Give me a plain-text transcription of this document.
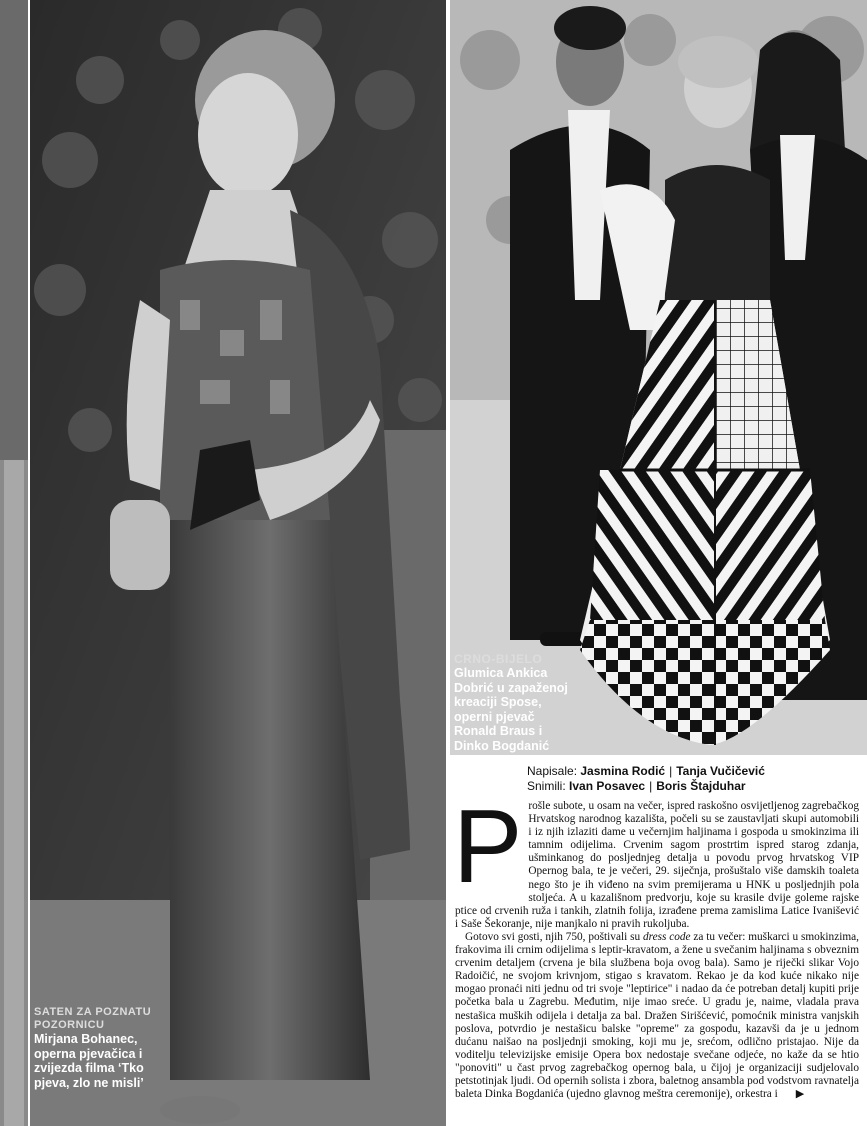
SATEN ZA POZNATU POZORNICU
Mirjana Bohanec, operna pjevačica i zvijezda filma ‘Tko pjeva, zlo ne misli’
CRNO-BIJELO
Glumica Ankica Dobrić u zapaženoj kreaciji Spose, operni pjevač Ronald Braus i Dinko Bogdanić
Napisale: Jasmina Rodić | Tanja Vučičević
Snimili: Ivan Posavec | Boris Štajduhar

Prošle subote, u osam na večer, ispred raskošno osvijetljenog zagrebačkog Hrvatskog narodnog kazališta, počeli su se zaustavljati skupi automobili i iz njih izlaziti dame u večernjim haljinama i gospoda u smokinzima ili tamnim odijelima. Crvenim sagom prostrtim ispred starog zdanja, ušminkanog do posljednjeg detalja u povodu prvog hrvatskog VIP Opernog bala, te je večeri, 29. siječnja, prošuštalo više damskih toaleta nego što je ih viđeno na svim premijerama u HNK u posljednjih pola stoljeća. A u kazališnom predvorju, koje su krasile dvije goleme rajske ptice od crvenih ruža i tankih, zlatnih folija, izrađene prema zamislima Latice Ivanišević i Saše Šekoranje, nije manjkalo ni pravih rukoljuba.

Gotovo svi gosti, njih 750, poštivali su dress code za tu večer: muškarci u smokinzima, frakovima ili crnim odijelima s leptir-kravatom, a žene u svečanim haljinama s obveznim crvenim detaljem (crvena je bila službena boja ovog bala). Samo je riječki slikar Vojo Radoičić, ne svojom krivnjom, stigao s kravatom. Rekao je da kod kuće nikako nije mogao pronaći niti jednu od tri svoje "leptirice" i nadao da će potreban detalj kupiti prije početka bala u Zagrebu. Međutim, nije imao sreće. U gradu je, naime, vladala prava nestašica muških odijela i detalja za bal. Dražen Sirišćević, pomoćnik ministra vanjskih poslova, potvrdio je nestašicu balske "opreme" za gospodu, kazavši da je u jednom dućanu naišao na posljednji smoking, koji mu je, srećom, odlično pristajao. Nije da voditelju televizijske emisije Opera box nedostaje svečane odjeće, no kaže da se htio "ponoviti" u čast prvog zagrebačkog opernog bala, u čijoj je organizaciji sudjelovalo petstotinjak ljudi. Od opernih solista i zbora, baletnog ansambla pod vodstvom ravnatelja baleta Dinka Bogdanića (ujedno glavnog meštra ceremonije), orkestra i ▶
